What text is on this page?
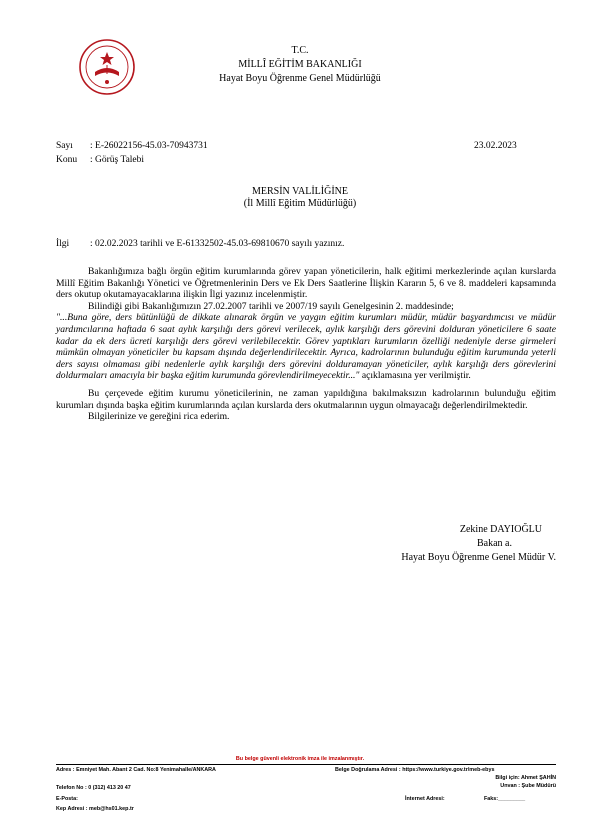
T.C.
MİLLÎ EĞİTİM BAKANLIĞI
Hayat Boyu Öğrenme Genel Müdürlüğü
Sayı : E-26022156-45.03-70943731	23.02.2023
Konu : Görüş Talebi
MERSİN VALİLİĞİNE
(İl Millî Eğitim Müdürlüğü)
İlgi : 02.02.2023 tarihli ve E-61332502-45.03-69810670 sayılı yazınız.

Bakanlığımıza bağlı örgün eğitim kurumlarında görev yapan yöneticilerin, halk eğitimi merkezlerinde açılan kurslarda Millî Eğitim Bakanlığı Yönetici ve Öğretmenlerinin Ders ve Ek Ders Saatlerine İlişkin Kararın 5, 6 ve 8. maddeleri kapsamında ders okutup okutamayacaklarına ilişkin İlgi yazınız incelenmiştir.

Bilindiği gibi Bakanlığımızın 27.02.2007 tarihli ve 2007/19 sayılı Genelgesinin 2. maddesinde;

"...Buna göre, ders bütünlüğü de dikkate alınarak örgün ve yaygın eğitim kurumları müdür, müdür başyardımcısı ve müdür yardımcılarına haftada 6 saat aylık karşılığı ders görevi verilecek, aylık karşılığı ders görevini dolduran yöneticilere 6 saate kadar da ek ders ücreti karşılığı ders görevi verilebilecektir. Görev yaptıkları kurumların özelliği nedeniyle derse girmeleri mümkün olmayan yöneticiler bu kapsam dışında değerlendirilecektir. Ayrıca, kadrolarının bulunduğu eğitim kurumunda yeterli ders sayısı olmaması gibi nedenlerle aylık karşılığı ders görevini dolduramayan yöneticiler, aylık karşılığı ders görevlerini doldurmaları amacıyla bir başka eğitim kurumunda görevlendirilmeyecektir..." açıklamasına yer verilmiştir.

Bu çerçevede eğitim kurumu yöneticilerinin, ne zaman yapıldığına bakılmaksızın kadrolarının bulunduğu eğitim kurumları dışında başka eğitim kurumlarında açılan kurslarda ders okutmalarının uygun olmayacağı değerlendirilmektedir.

Bilgilerinize ve gereğini rica ederim.

Zekine DAYIOĞLU
Bakan a.
Hayat Boyu Öğrenme Genel Müdür V.
Bu belge güvenli elektronik imza ile imzalanmıştır.
Adres : Emniyet Mah. Abant 2 Cad. No:8 Yenimahalle/ANKARA	Belge Doğrulama Adresi : https://www.turkiye.gov.tr/meb-ebys
Bilgi için: Ahmet ŞAHİN
Unvan : Şube Müdürü
Telefon No : 0 (312) 413 20 47
E-Posta:	İnternet Adresi:	Faks:_________
Kep Adresi : meb@hs01.kep.tr
